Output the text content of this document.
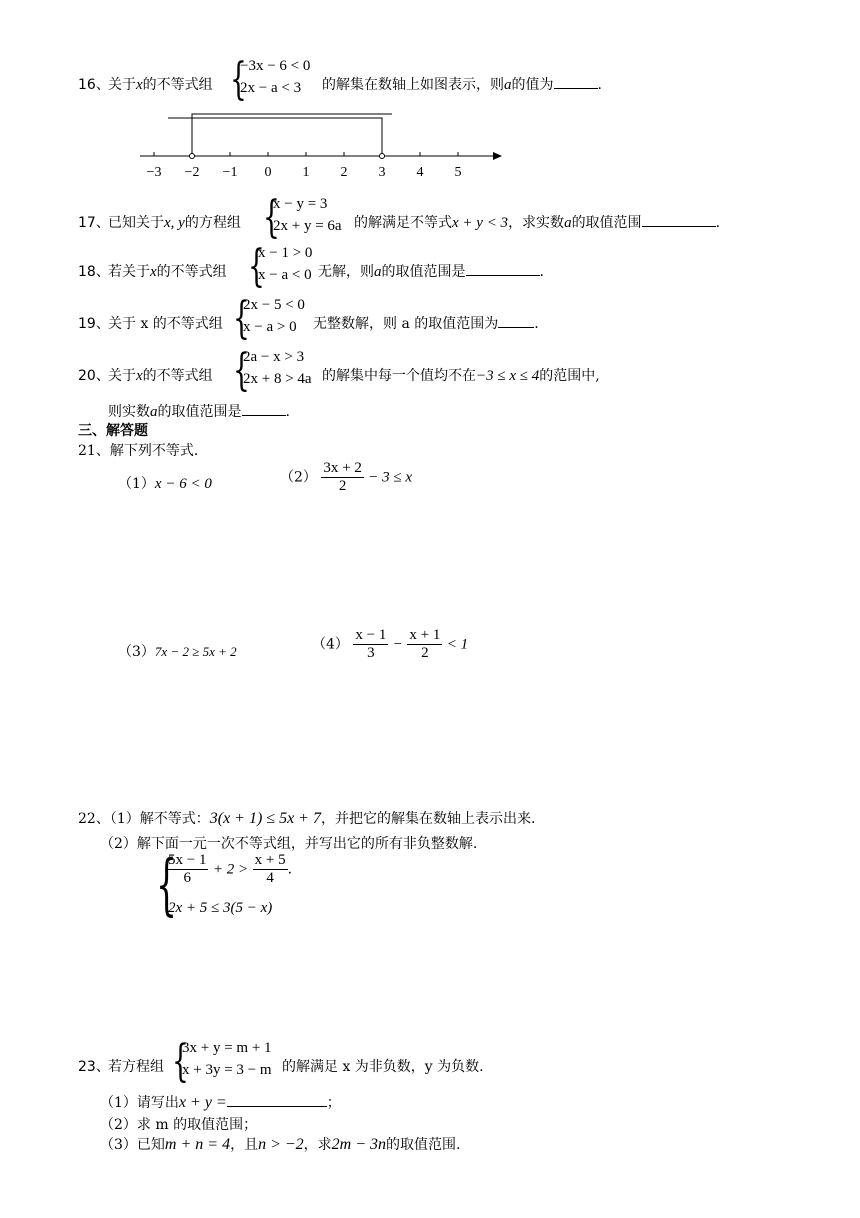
16、
关于x的不等式组 {
−3x − 6 < 0
2x − a < 3 的解集在数轴上如图表示，则a的值为	.
−3 −2 −1 0 1 2 3 4 5
17、
已知关于x, y的方程组 {
x − y = 3
2x + y = 6a 的解满足不等式x + y < 3，求实数a的取值范围	.
18、
若关于x的不等式组 {
x − 1 > 0
x − a < 0 无解，则a的取值范围是	.
19、
关于 x 的不等式组 {
2x − 5 < 0
x − a > 0 无整数解，则 a 的取值范围为	.
20、
关于x的不等式组 {
2a − x > 3
2x + 8 > 4a 的解集中每一个值均不在−3 ≤ x ≤ 4的范围中,
则实数a的取值范围是	.
三、解答题
21、解下列不等式.
（1）x − 6 < 0	$(2) \frac{3x + 2}{2} - 3 \le x$
（3）7x − 2 ≥ 5x + 2	$(4) \frac{x - 1}{3} - \frac{x + 1}{2} < 1$
22、（1）解不等式：3(x + 1) ≤ 5x + 7，并把它的解集在数轴上表示出来.
（2）解下面一元一次不等式组，并写出它的所有非负整数解.
{
$\frac{5x - 1}{6} + 2 > \frac{x + 5}{4}$ .
2x + 5 ≤ 3(5 − x)
23、
若方程组 {
3x + y = m + 1
x + 3y = 3 − m 的解满足 x 为非负数，y 为负数.
（1）请写出x + y =	；
（2）求 m 的取值范围；
（3）已知m + n = 4，且n > −2，求2m − 3n的取值范围.
